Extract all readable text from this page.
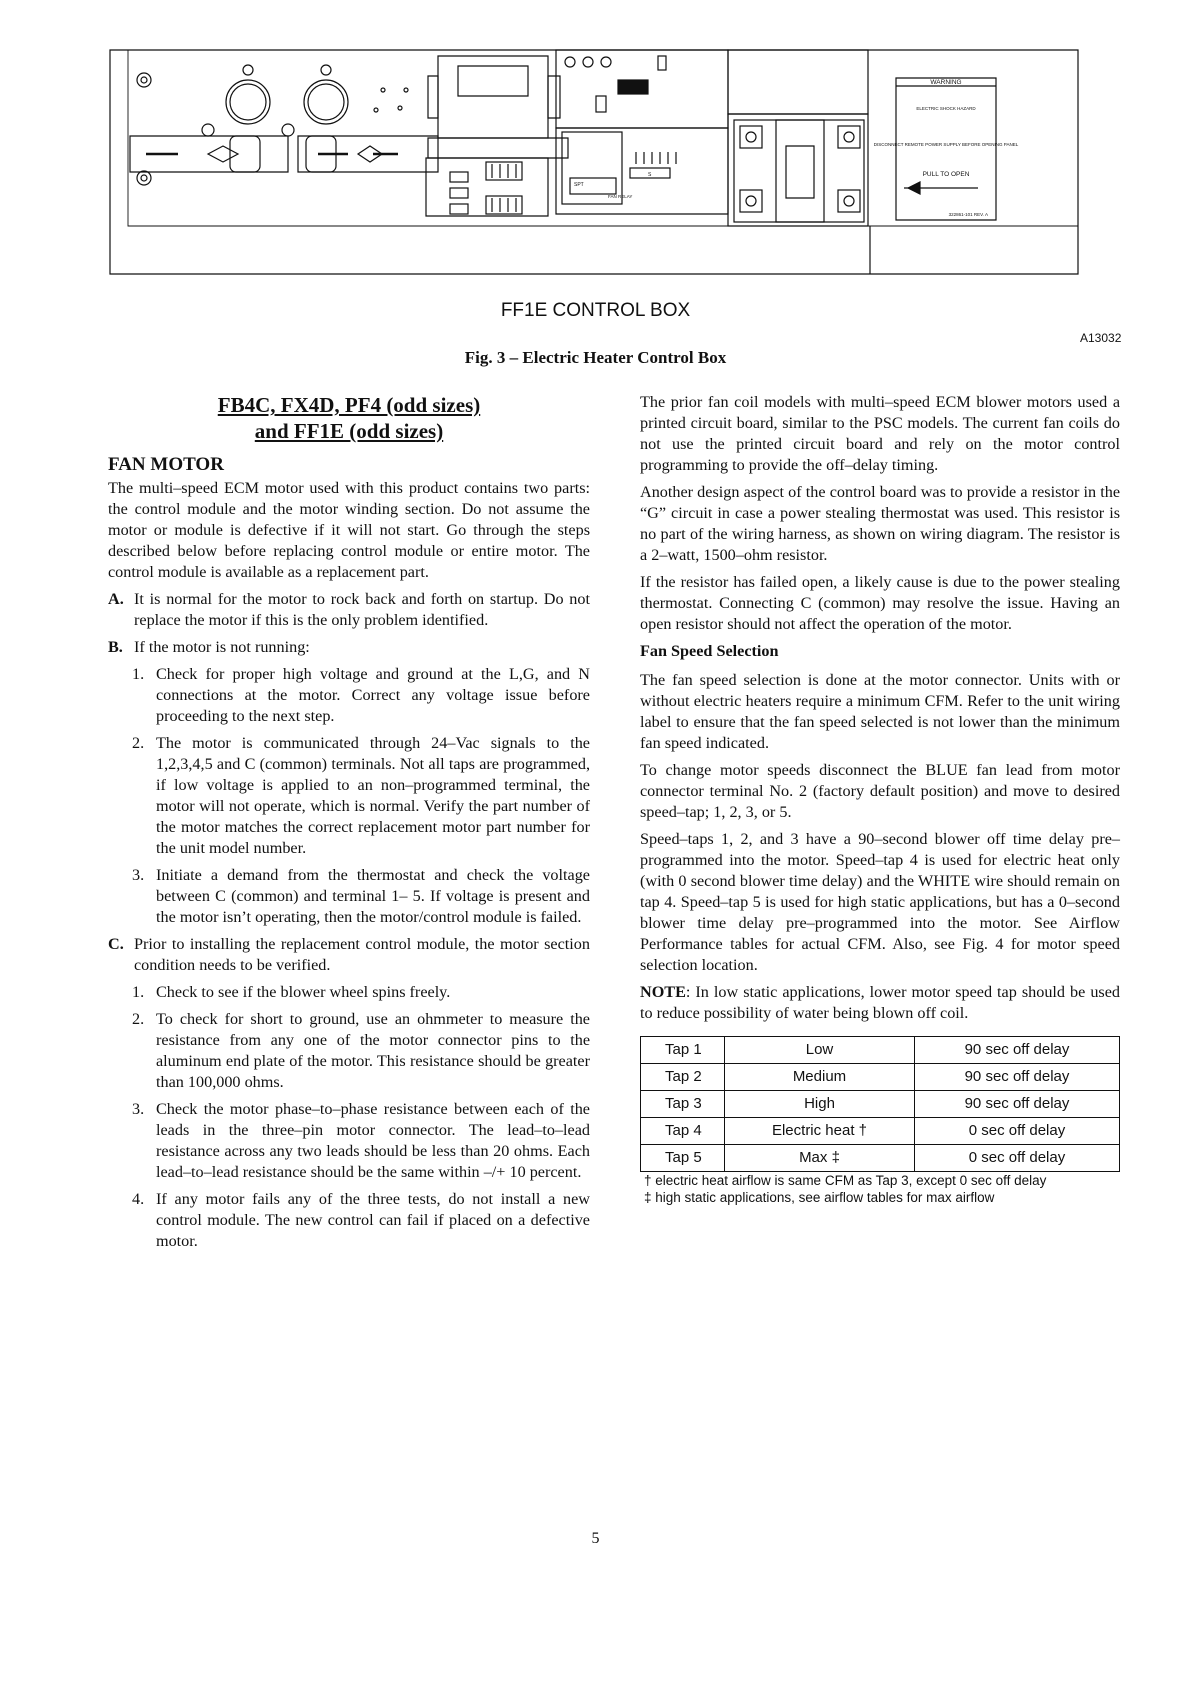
WARNING
ELECTRIC SHOCK HAZARD
DISCONNECT REMOTE POWER SUPPLY BEFORE OPENING PANEL
PULL TO OPEN
322861-101 REV. A
SPT
FAN RELAY
S
FF1E CONTROL BOX
A13032
Fig. 3 – Electric Heater Control Box
FB4C, FX4D, PF4 (odd sizes)
and FF1E (odd sizes)
FAN MOTOR

The multi–speed ECM motor used with this product contains two parts: the control module and the motor winding section. Do not assume the motor or module is defective if it will not start. Go through the steps described below before replacing control module or entire motor. The control module is available as a replacement part.

A. It is normal for the motor to rock back and forth on startup. Do not replace the motor if this is the only problem identified.
B. If the motor is not running:
1. Check for proper high voltage and ground at the L,G, and N connections at the motor. Correct any voltage issue before proceeding to the next step.
2. The motor is communicated through 24–Vac signals to the 1,2,3,4,5 and C (common) terminals. Not all taps are programmed, if low voltage is applied to an non–programmed terminal, the motor will not operate, which is normal. Verify the part number of the motor matches the correct replacement motor part number for the unit model number.
3. Initiate a demand from the thermostat and check the voltage between C (common) and terminal 1– 5. If voltage is present and the motor isn’t operating, then the motor/control module is failed.
C. Prior to installing the replacement control module, the motor section condition needs to be verified.
1. Check to see if the blower wheel spins freely.
2. To check for short to ground, use an ohmmeter to measure the resistance from any one of the motor connector pins to the aluminum end plate of the motor. This resistance should be greater than 100,000 ohms.
3. Check the motor phase–to–phase resistance between each of the leads in the three–pin motor connector. The lead–to–lead resistance across any two leads should be less than 20 ohms. Each lead–to–lead resistance should be the same within –/+ 10 percent.
4. If any motor fails any of the three tests, do not install a new control module. The new control can fail if placed on a defective motor.

The prior fan coil models with multi–speed ECM blower motors used a printed circuit board, similar to the PSC models. The current fan coils do not use the printed circuit board and rely on the motor control programming to provide the off–delay timing.

Another design aspect of the control board was to provide a resistor in the “G” circuit in case a power stealing thermostat was used. This resistor is no part of the wiring harness, as shown on wiring diagram. The resistor is a 2–watt, 1500–ohm resistor.

If the resistor has failed open, a likely cause is due to the power stealing thermostat. Connecting C (common) may resolve the issue. Having an open resistor should not affect the operation of the motor.

Fan Speed Selection

The fan speed selection is done at the motor connector. Units with or without electric heaters require a minimum CFM. Refer to the unit wiring label to ensure that the fan speed selected is not lower than the minimum fan speed indicated.

To change motor speeds disconnect the BLUE fan lead from motor connector terminal No. 2 (factory default position) and move to desired speed–tap; 1, 2, 3, or 5.

Speed–taps 1, 2, and 3 have a 90–second blower off time delay pre–programmed into the motor. Speed–tap 4 is used for electric heat only (with 0 second blower time delay) and the WHITE wire should remain on tap 4. Speed–tap 5 is used for high static applications, but has a 0–second blower time delay pre–programmed into the motor. See Airflow Performance tables for actual CFM. Also, see Fig. 4 for motor speed selection location.

NOTE: In low static applications, lower motor speed tap should be used to reduce possibility of water being blown off coil.

Tap 1	Low	90 sec off delay
Tap 2	Medium	90 sec off delay
Tap 3	High	90 sec off delay
Tap 4	Electric heat †	0 sec off delay
Tap 5	Max ‡	0 sec off delay
† electric heat airflow is same CFM as Tap 3, except 0 sec off delay
‡ high static applications, see airflow tables for max airflow
5
